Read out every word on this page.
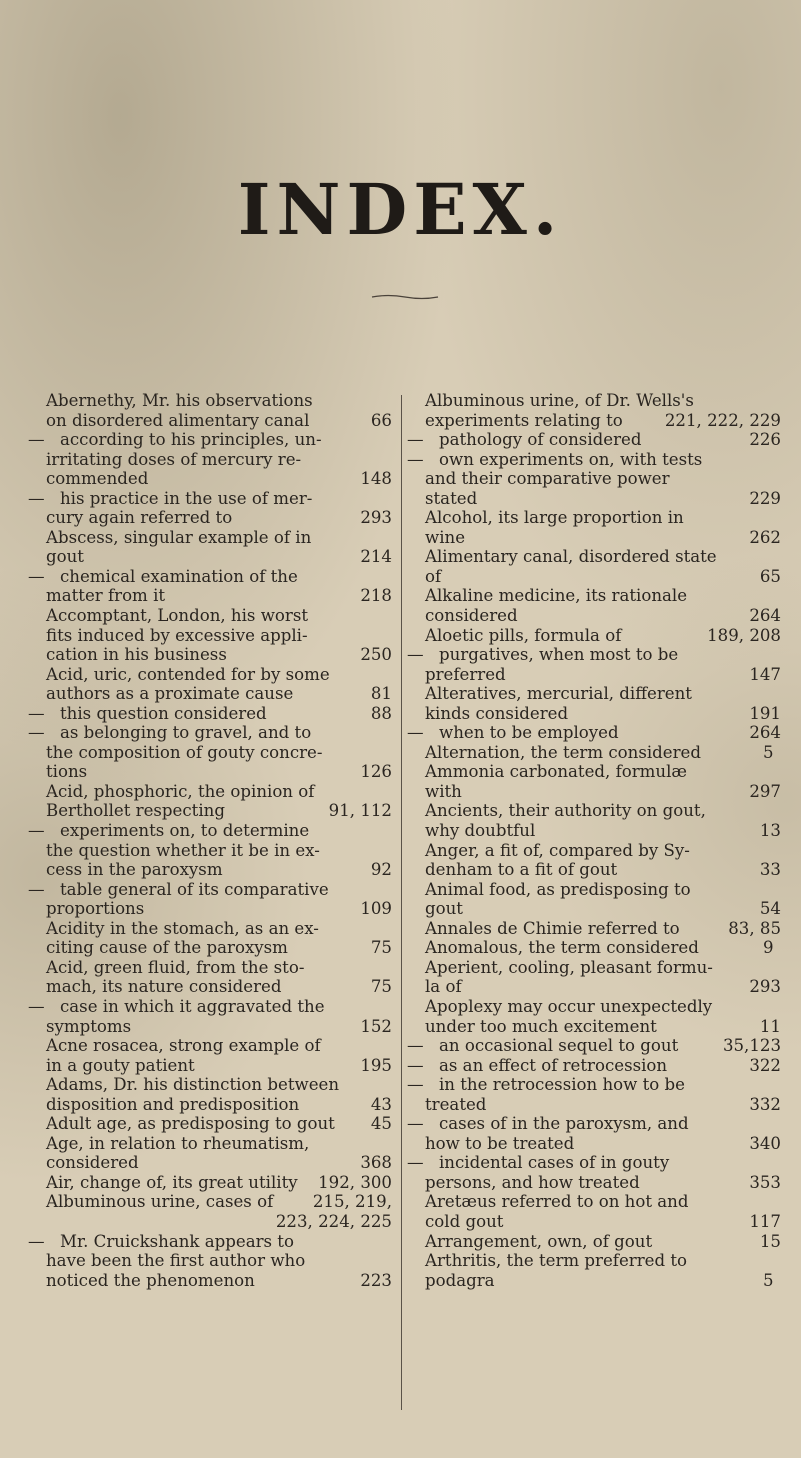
INDEX.
Abernethy, Mr. his observations
on disordered alimentary canal	66
—according to his principles, un-
irritating doses of mercury re-
commended	148
—his practice in the use of mer-
cury again referred to	293
Abscess, singular example of in
gout	214
—chemical examination of the
matter from it	218
Accomptant, London, his worst
fits induced by excessive appli-
cation in his business	250
Acid, uric, contended for by some
authors as a proximate cause	81
—this question considered	88
—as belonging to gravel, and to
the composition of gouty concre-
tions	126
Acid, phosphoric, the opinion of
Berthollet respecting	91, 112
—experiments on, to determine
the question whether it be in ex-
cess in the paroxysm	92
—table general of its comparative
proportions	109
Acidity in the stomach, as an ex-
citing cause of the paroxysm	75
Acid, green fluid, from the sto-
mach, its nature considered	75
—case in which it aggravated the
symptoms	152
Acne rosacea, strong example of
in a gouty patient	195
Adams, Dr. his distinction between
disposition and predisposition	43
Adult age, as predisposing to gout 45
Age, in relation to rheumatism,
considered	368
Air, change of, its great utility 192, 300
Albuminous urine, cases of 215, 219,
223, 224, 225
—Mr. Cruickshank appears to
have been the first author who
noticed the phenomenon	223
Albuminous urine, of Dr. Wells's
experiments relating to	221, 222, 229
—pathology of considered	226
—own experiments on, with tests
and their comparative power
stated	229
Alcohol, its large proportion in
wine	262
Alimentary canal, disordered state
of	65
Alkaline medicine, its rationale
considered	264
Aloetic pills, formula of	189, 208
—purgatives, when most to be
preferred	147
Alteratives, mercurial, different
kinds considered	191
—when to be employed	264
Alternation, the term considered	5
Ammonia carbonated, formulæ
with	297
Ancients, their authority on gout,
why doubtful	13
Anger, a fit of, compared by Sy-
denham to a fit of gout	33
Animal food, as predisposing to
gout	54
Annales de Chimie referred to	83, 85
Anomalous, the term considered	9
Aperient, cooling, pleasant formu-
la of	293
Apoplexy may occur unexpectedly
under too much excitement	11
—an occasional sequel to gout	35,123
—as an effect of retrocession	322
—in the retrocession how to be
treated	332
—cases of in the paroxysm, and
how to be treated	340
—incidental cases of in gouty
persons, and how treated	353
Aretæus referred to on hot and
cold gout	117
Arrangement, own, of gout	15
Arthritis, the term preferred to
podagra	5
